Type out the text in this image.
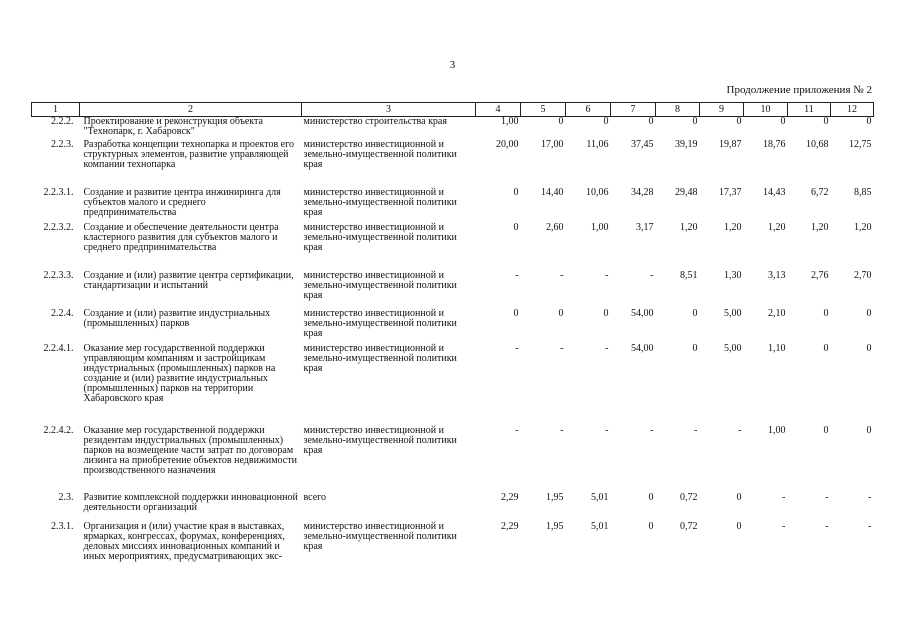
3
Продолжение приложения № 2
1	2	3	4	5	6	7	8	9	10	11	12
2.2.2.	Проектирование и реконструкция объекта "Технопарк, г. Хабаровск"	министерство строительства края	1,00	0	0	0	0	0	0	0	0
2.2.3.	Разработка концепции технопарка и проектов его структурных элементов, развитие управляющей компании технопарка	министерство инвестиционной и земельно-имущественной политики края	20,00	17,00	11,06	37,45	39,19	19,87	18,76	10,68	12,75
2.2.3.1.	Создание и развитие центра инжиниринга для субъектов малого и среднего предпринимательства	министерство инвестиционной и земельно-имущественной политики края	0	14,40	10,06	34,28	29,48	17,37	14,43	6,72	8,85
2.2.3.2.	Создание и обеспечение деятельности центра кластерного развития для субъектов малого и среднего предпринимательства	министерство инвестиционной и земельно-имущественной политики края	0	2,60	1,00	3,17	1,20	1,20	1,20	1,20	1,20
2.2.3.3.	Создание и (или) развитие центра сертификации, стандартизации и испытаний	министерство инвестиционной и земельно-имущественной политики края	-	-	-	-	8,51	1,30	3,13	2,76	2,70
2.2.4.	Создание и (или) развитие индустриальных (промышленных) парков	министерство инвестиционной и земельно-имущественной политики края	0	0	0	54,00	0	5,00	2,10	0	0
2.2.4.1.	Оказание мер государственной поддержки управляющим компаниям и застройщикам индустриальных (промышленных) парков на создание и (или) развитие индустриальных (промышленных) парков на территории Хабаровского края	министерство инвестиционной и земельно-имущественной политики края	-	-	-	54,00	0	5,00	1,10	0	0
2.2.4.2.	Оказание мер государственной поддержки резидентам индустриальных (промышленных) парков на возмещение части затрат по договорам лизинга на приобретение объектов недвижимости производственного назначения	министерство инвестиционной и земельно-имущественной политики края	-	-	-	-	-	-	1,00	0	0
2.3.	Развитие комплексной поддержки инновационной деятельности организаций	всего	2,29	1,95	5,01	0	0,72	0	-	-	-
2.3.1.	Организация и (или) участие края в выставках, ярмарках, конгрессах, форумах, конференциях, деловых миссиях инновационных компаний и иных мероприятиях, предусматривающих экс-	министерство инвестиционной и земельно-имущественной политики края	2,29	1,95	5,01	0	0,72	0	-	-	-
